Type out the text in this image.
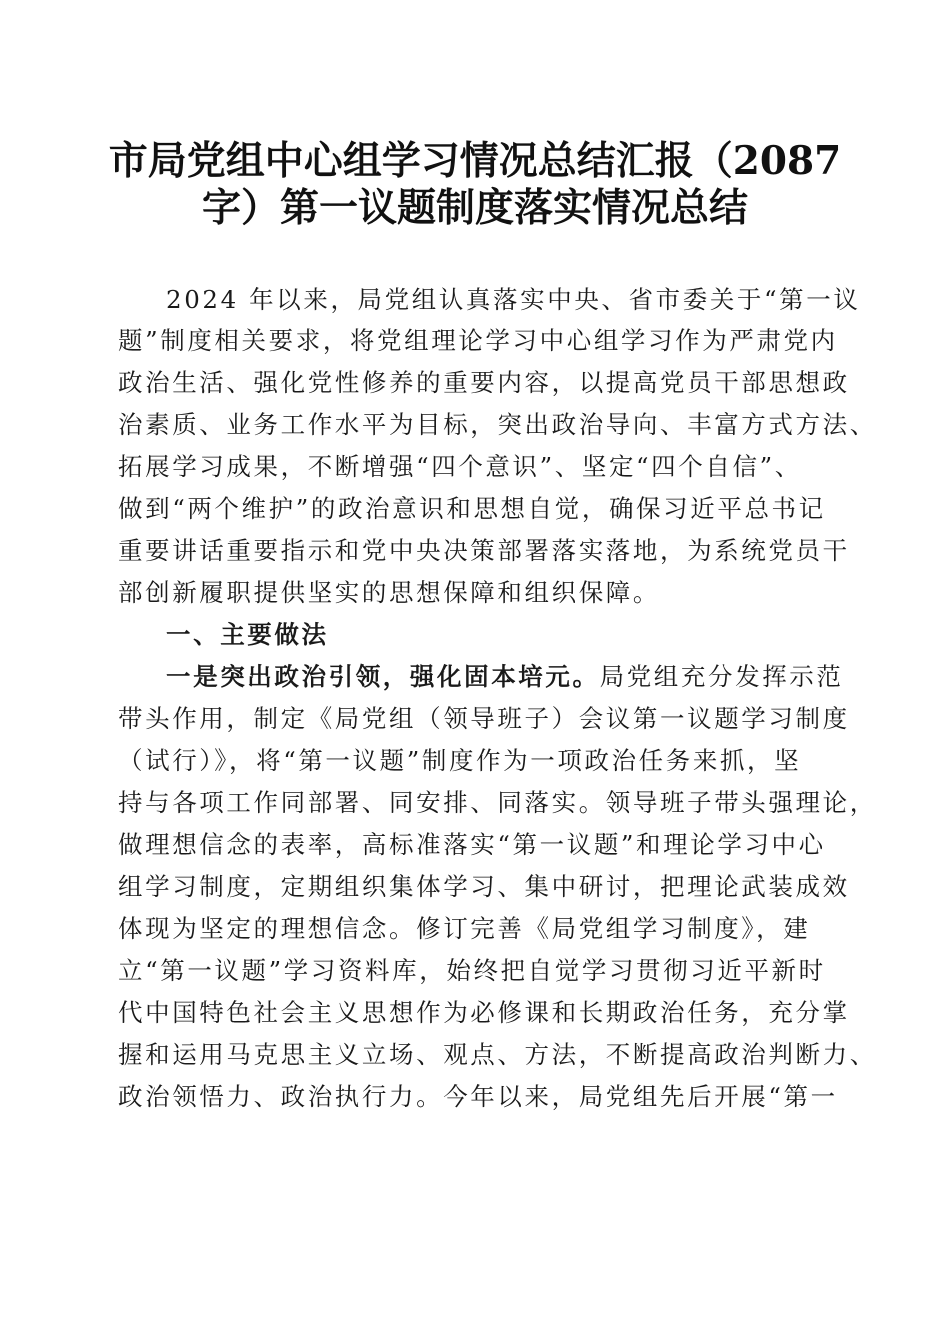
市局党组中心组学习情况总结汇报（2087
字）第一议题制度落实情况总结
2024 年以来，局党组认真落实中央、省市委关于“第一议
题”制度相关要求，将党组理论学习中心组学习作为严肃党内
政治生活、强化党性修养的重要内容，以提高党员干部思想政
治素质、业务工作水平为目标，突出政治导向、丰富方式方法、
拓展学习成果，不断增强“四个意识”、坚定“四个自信”、
做到“两个维护”的政治意识和思想自觉，确保习近平总书记
重要讲话重要指示和党中央决策部署落实落地，为系统党员干
部创新履职提供坚实的思想保障和组织保障。
一、主要做法
一是突出政治引领，强化固本培元。局党组充分发挥示范
带头作用，制定《局党组（领导班子）会议第一议题学习制度
（试行）》，将“第一议题”制度作为一项政治任务来抓，坚
持与各项工作同部署、同安排、同落实。领导班子带头强理论，
做理想信念的表率，高标准落实“第一议题”和理论学习中心
组学习制度，定期组织集体学习、集中研讨，把理论武装成效
体现为坚定的理想信念。修订完善《局党组学习制度》，建
立“第一议题”学习资料库，始终把自觉学习贯彻习近平新时
代中国特色社会主义思想作为必修课和长期政治任务，充分掌
握和运用马克思主义立场、观点、方法，不断提高政治判断力、
政治领悟力、政治执行力。今年以来，局党组先后开展“第一
